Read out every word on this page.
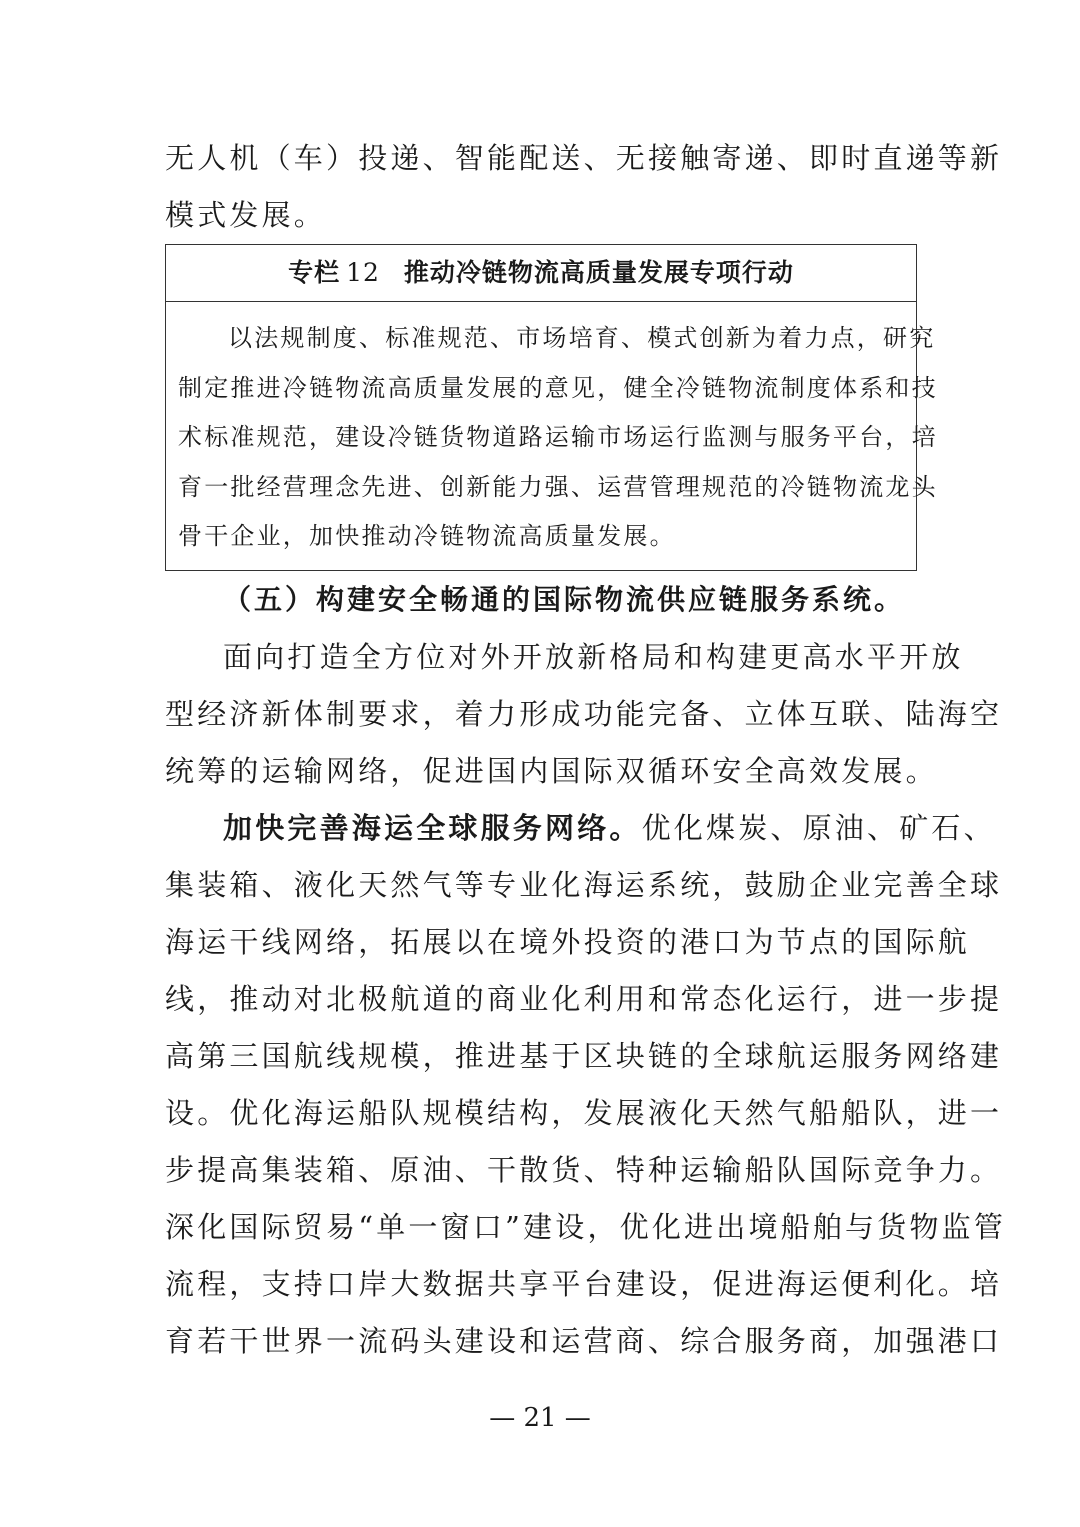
无人机（车）投递、智能配送、无接触寄递、即时直递等新
模式发展。
专栏 12 推动冷链物流高质量发展专项行动
以法规制度、标准规范、市场培育、模式创新为着力点，研究
制定推进冷链物流高质量发展的意见，健全冷链物流制度体系和技
术标准规范，建设冷链货物道路运输市场运行监测与服务平台，培
育一批经营理念先进、创新能力强、运营管理规范的冷链物流龙头
骨干企业，加快推动冷链物流高质量发展。
（五）构建安全畅通的国际物流供应链服务系统。
面向打造全方位对外开放新格局和构建更高水平开放
型经济新体制要求，着力形成功能完备、立体互联、陆海空
统筹的运输网络，促进国内国际双循环安全高效发展。
加快完善海运全球服务网络。优化煤炭、原油、矿石、
集装箱、液化天然气等专业化海运系统，鼓励企业完善全球
海运干线网络，拓展以在境外投资的港口为节点的国际航
线，推动对北极航道的商业化利用和常态化运行，进一步提
高第三国航线规模，推进基于区块链的全球航运服务网络建
设。优化海运船队规模结构，发展液化天然气船船队，进一
步提高集装箱、原油、干散货、特种运输船队国际竞争力。
深化国际贸易“单一窗口”建设，优化进出境船舶与货物监管
流程，支持口岸大数据共享平台建设，促进海运便利化。培
育若干世界一流码头建设和运营商、综合服务商，加强港口
— 21 —
